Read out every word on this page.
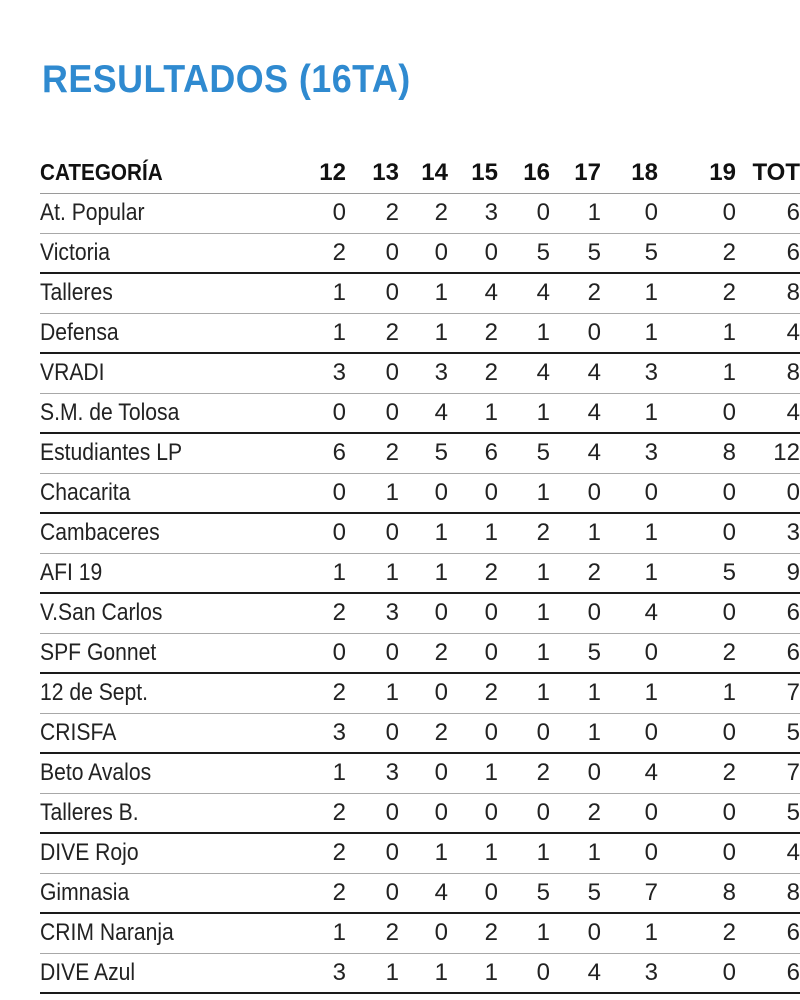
RESULTADOS (16TA)
CATEGORÍA	12	13	14	15	16	17	18	19	TOT
At. Popular	0	2	2	3	0	1	0	0	6
Victoria	2	0	0	0	5	5	5	2	6
Talleres	1	0	1	4	4	2	1	2	8
Defensa	1	2	1	2	1	0	1	1	4
VRADI	3	0	3	2	4	4	3	1	8
S.M. de Tolosa	0	0	4	1	1	4	1	0	4
Estudiantes LP	6	2	5	6	5	4	3	8	12
Chacarita	0	1	0	0	1	0	0	0	0
Cambaceres	0	0	1	1	2	1	1	0	3
AFI 19	1	1	1	2	1	2	1	5	9
V.San Carlos	2	3	0	0	1	0	4	0	6
SPF Gonnet	0	0	2	0	1	5	0	2	6
12 de Sept.	2	1	0	2	1	1	1	1	7
CRISFA	3	0	2	0	0	1	0	0	5
Beto Avalos	1	3	0	1	2	0	4	2	7
Talleres B.	2	0	0	0	0	2	0	0	5
DIVE Rojo	2	0	1	1	1	1	0	0	4
Gimnasia	2	0	4	0	5	5	7	8	8
CRIM Naranja	1	2	0	2	1	0	1	2	6
DIVE Azul	3	1	1	1	0	4	3	0	6
